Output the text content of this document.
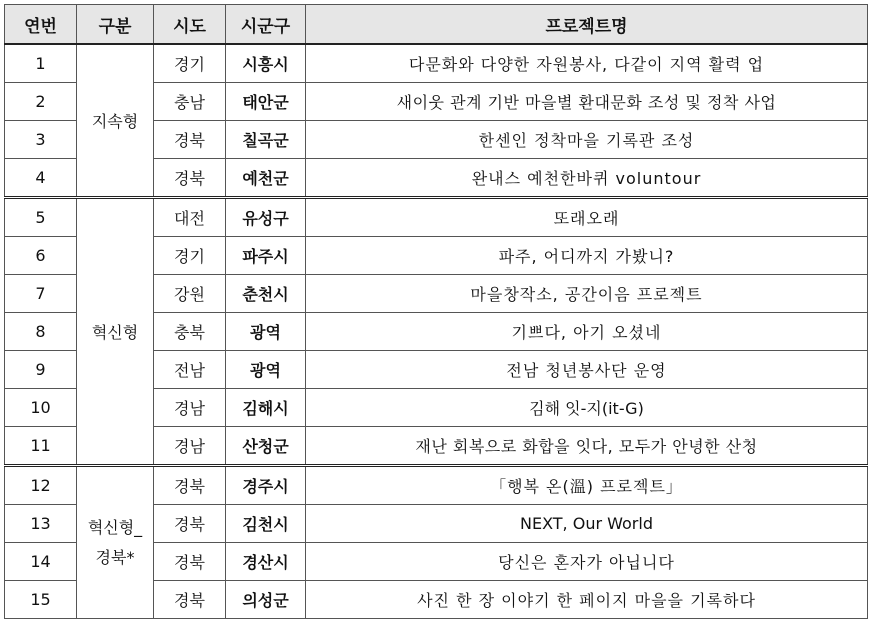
연번	구분	시도	시군구	프로젝트명
1	지속형	경기	시흥시	다문화와 다양한 자원봉사, 다같이 지역 활력 업
2		충남	태안군	새이웃 관계 기반 마을별 환대문화 조성 및 정착 사업
3		경북	칠곡군	한센인 정착마을 기록관 조성
4		경북	예천군	완내스 예천한바퀴 voluntour
5	혁신형	대전	유성구	또래오래
6		경기	파주시	파주, 어디까지 가봤니?
7		강원	춘천시	마을창작소, 공간이음 프로젝트
8		충북	광역	기쁘다, 아기 오셨네
9		전남	광역	전남 청년봉사단 운영
10		경남	김해시	김해 잇-지(it-G)
11		경남	산청군	재난 회복으로 화합을 잇다, 모두가 안녕한 산청
12	혁신형_경북*	경북	경주시	「행복 온(溫) 프로젝트」
13		경북	김천시	NEXT, Our World
14		경북	경산시	당신은 혼자가 아닙니다
15		경북	의성군	사진 한 장 이야기 한 페이지 마을을 기록하다
